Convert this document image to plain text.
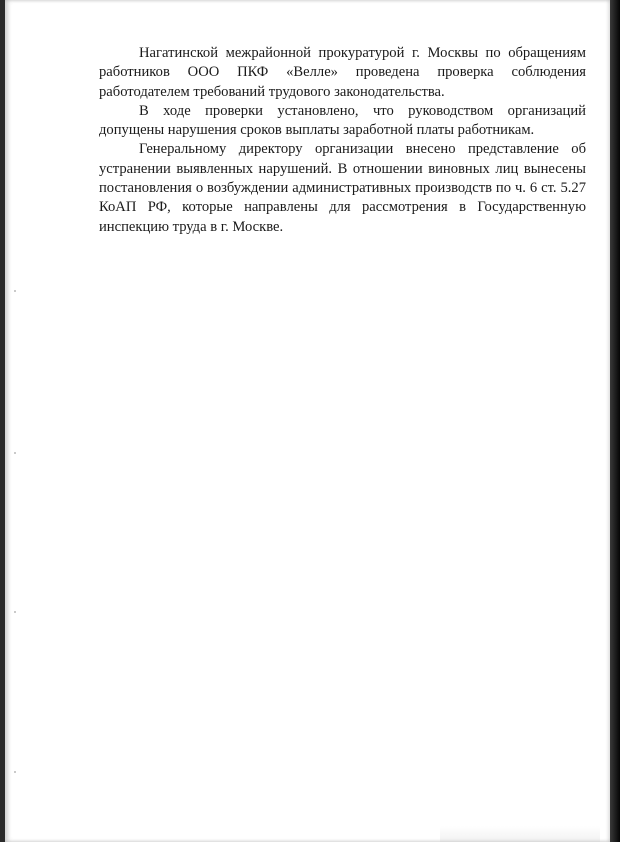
Нагатинской межрайонной прокуратурой г. Москвы по обращениям работников ООО ПКФ «Велле» проведена проверка соблюдения работодателем требований трудового законодательства.

В ходе проверки установлено, что руководством организаций допущены нарушения сроков выплаты заработной платы работникам.

Генеральному директору организации внесено представление об устранении выявленных нарушений. В отношении виновных лиц вынесены постановления о возбуждении административных производств по ч. 6 ст. 5.27 КоАП РФ, которые направлены для рассмотрения в Государственную инспекцию труда в г. Москве.
